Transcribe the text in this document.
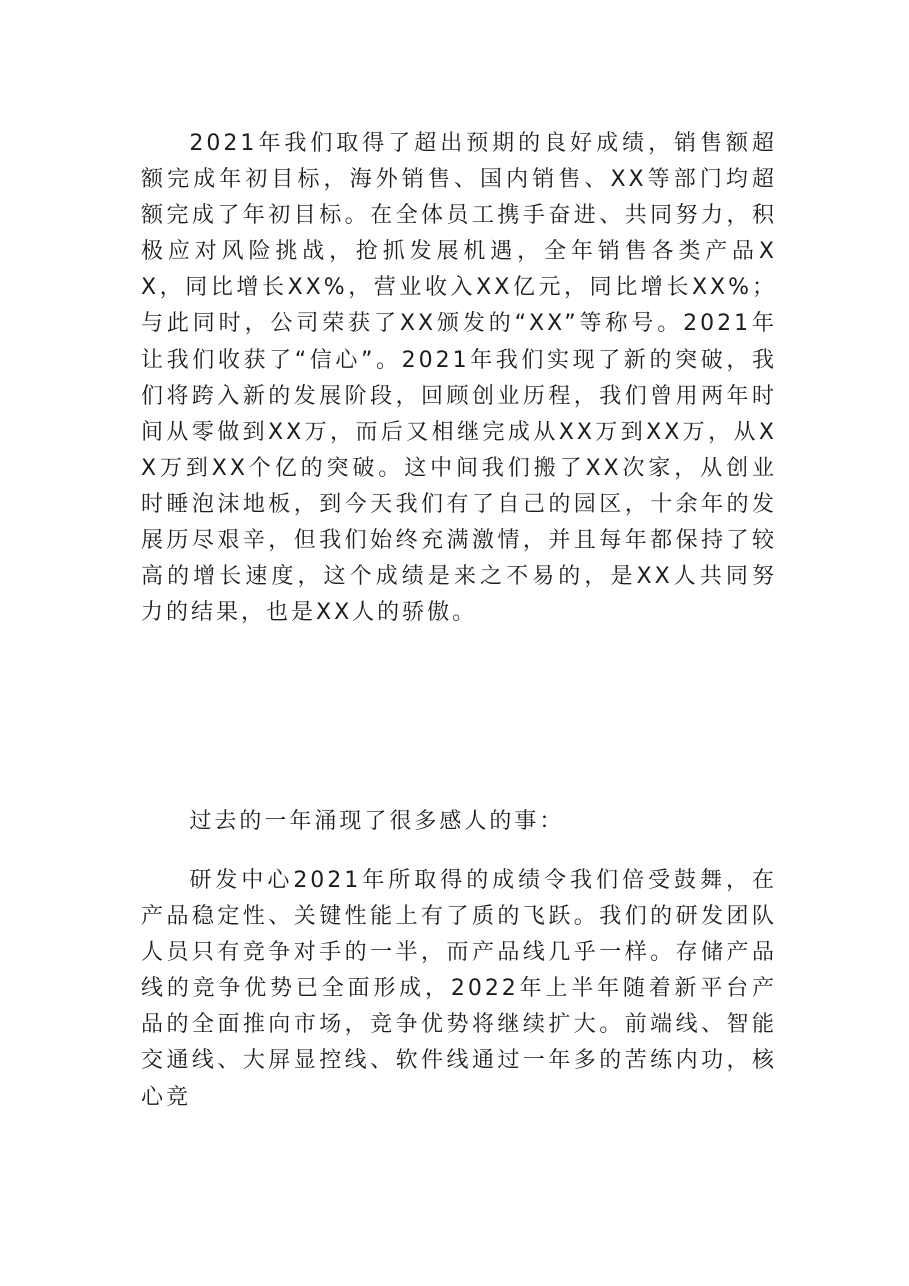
2021年我们取得了超出预期的良好成绩，销售额超额完成年初目标，海外销售、国内销售、XX等部门均超额完成了年初目标。在全体员工携手奋进、共同努力，积极应对风险挑战，抢抓发展机遇，全年销售各类产品XX，同比增长XX%，营业收入XX亿元，同比增长XX%；与此同时，公司荣获了XX颁发的“XX”等称号。2021年让我们收获了“信心”。2021年我们实现了新的突破，我们将跨入新的发展阶段，回顾创业历程，我们曾用两年时间从零做到XX万，而后又相继完成从XX万到XX万，从XX万到XX个亿的突破。这中间我们搬了XX次家，从创业时睡泡沫地板，到今天我们有了自己的园区，十余年的发展历尽艰辛，但我们始终充满激情，并且每年都保持了较高的增长速度，这个成绩是来之不易的，是XX人共同努力的结果，也是XX人的骄傲。

过去的一年涌现了很多感人的事：

研发中心2021年所取得的成绩令我们倍受鼓舞，在产品稳定性、关键性能上有了质的飞跃。我们的研发团队人员只有竞争对手的一半，而产品线几乎一样。存储产品线的竞争优势已全面形成，2022年上半年随着新平台产品的全面推向市场，竞争优势将继续扩大。前端线、智能交通线、大屏显控线、软件线通过一年多的苦练内功，核心竞
